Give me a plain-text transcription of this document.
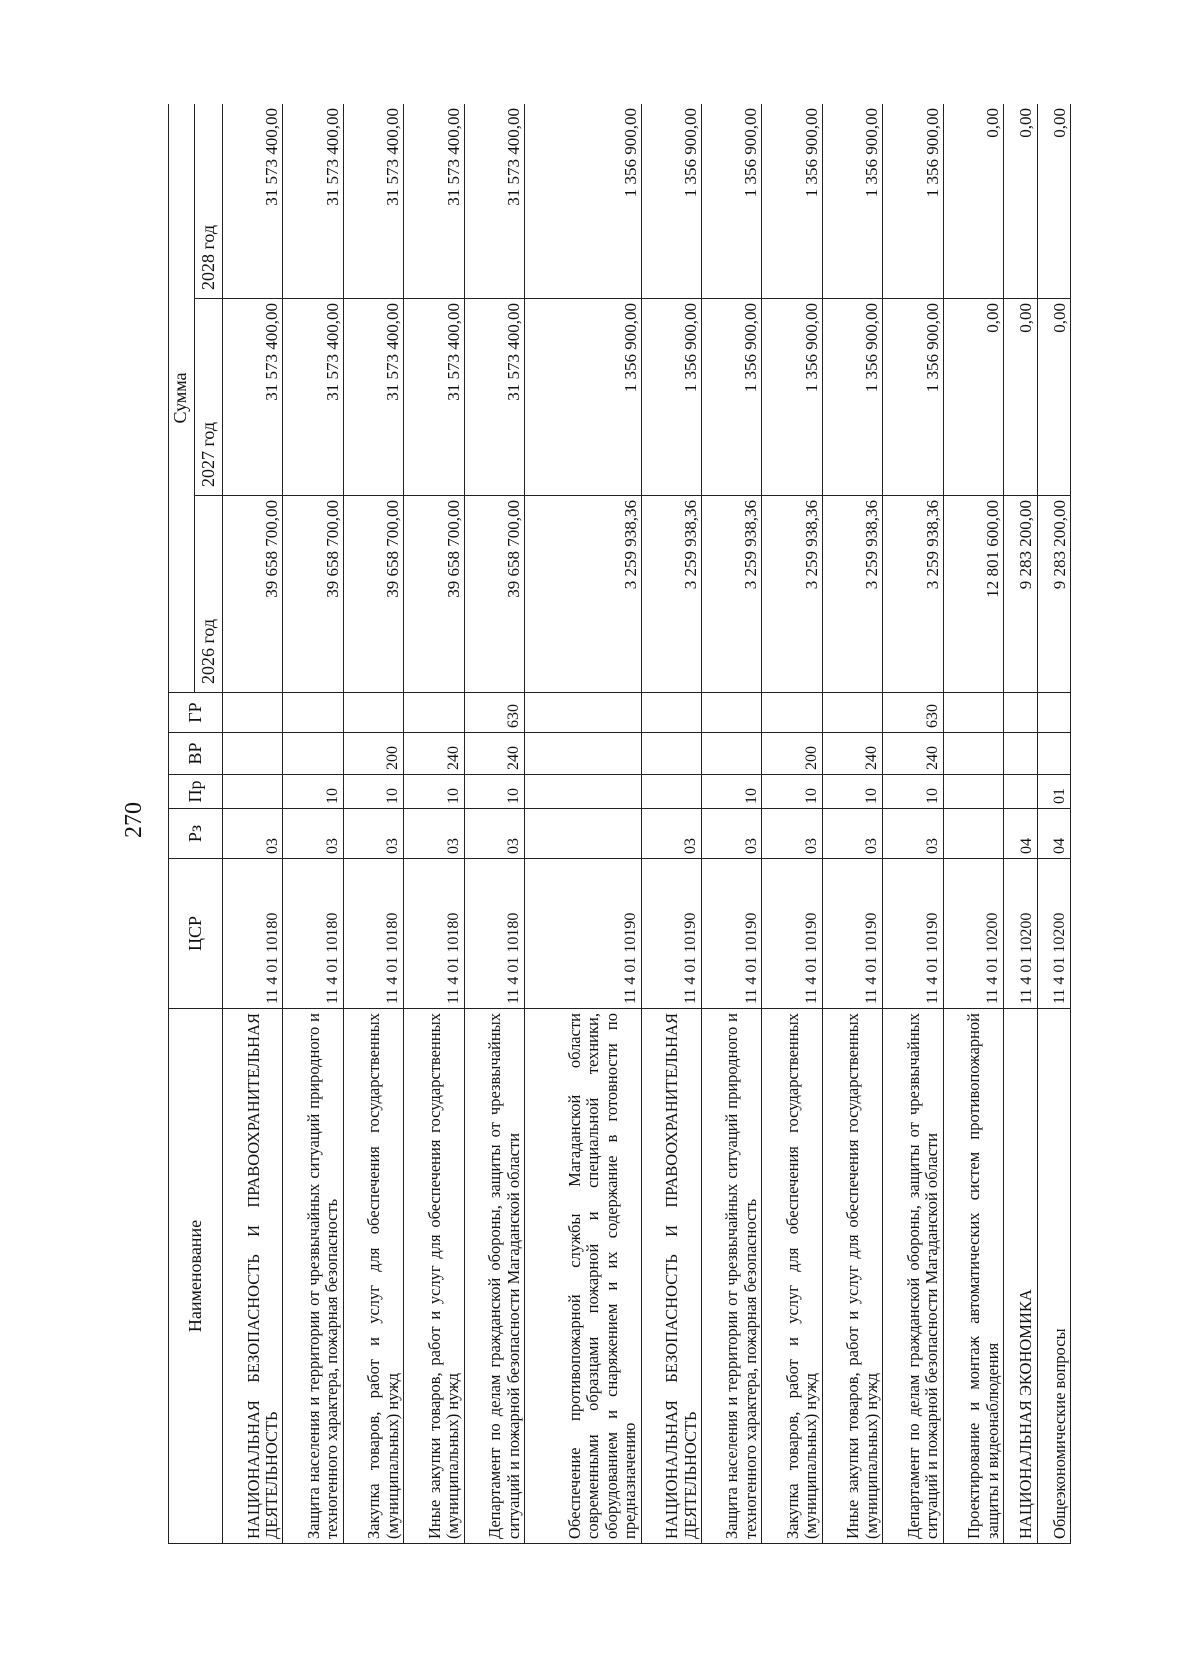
270
Наименование	ЦСР	Рз	Пр	ВР	ГР	Сумма		
						2026 год	2027 год	2028 год
НАЦИОНАЛЬНАЯ БЕЗОПАСНОСТЬ И ПРАВООХРАНИТЕЛЬНАЯ ДЕЯТЕЛЬНОСТЬ	11 4 01 10180	03				39 658 700,00	31 573 400,00	31 573 400,00
Защита населения и территории от чрезвычайных ситуаций природного и техногенного характера, пожарная безопасность	11 4 01 10180	03	10			39 658 700,00	31 573 400,00	31 573 400,00
Закупка товаров, работ и услуг для обеспечения государственных (муниципальных) нужд	11 4 01 10180	03	10	200		39 658 700,00	31 573 400,00	31 573 400,00
Иные закупки товаров, работ и услуг для обеспечения государственных (муниципальных) нужд	11 4 01 10180	03	10	240		39 658 700,00	31 573 400,00	31 573 400,00
Департамент по делам гражданской обороны, защиты от чрезвычайных ситуаций и пожарной безопасности Магаданской области	11 4 01 10180	03	10	240	630	39 658 700,00	31 573 400,00	31 573 400,00
Обеспечение противопожарной службы Магаданской области современными образцами пожарной и специальной техники, оборудованием и снаряжением и их содержание в готовности по предназначению	11 4 01 10190					3 259 938,36	1 356 900,00	1 356 900,00
НАЦИОНАЛЬНАЯ БЕЗОПАСНОСТЬ И ПРАВООХРАНИТЕЛЬНАЯ ДЕЯТЕЛЬНОСТЬ	11 4 01 10190	03				3 259 938,36	1 356 900,00	1 356 900,00
Защита населения и территории от чрезвычайных ситуаций природного и техногенного характера, пожарная безопасность	11 4 01 10190	03	10			3 259 938,36	1 356 900,00	1 356 900,00
Закупка товаров, работ и услуг для обеспечения государственных (муниципальных) нужд	11 4 01 10190	03	10	200		3 259 938,36	1 356 900,00	1 356 900,00
Иные закупки товаров, работ и услуг для обеспечения государственных (муниципальных) нужд	11 4 01 10190	03	10	240		3 259 938,36	1 356 900,00	1 356 900,00
Департамент по делам гражданской обороны, защиты от чрезвычайных ситуаций и пожарной безопасности Магаданской области	11 4 01 10190	03	10	240	630	3 259 938,36	1 356 900,00	1 356 900,00
Проектирование и монтаж автоматических систем противопожарной защиты и видеонаблюдения	11 4 01 10200					12 801 600,00	0,00	0,00
НАЦИОНАЛЬНАЯ ЭКОНОМИКА	11 4 01 10200	04				9 283 200,00	0,00	0,00
Общеэкономические вопросы	11 4 01 10200	04	01			9 283 200,00	0,00	0,00
